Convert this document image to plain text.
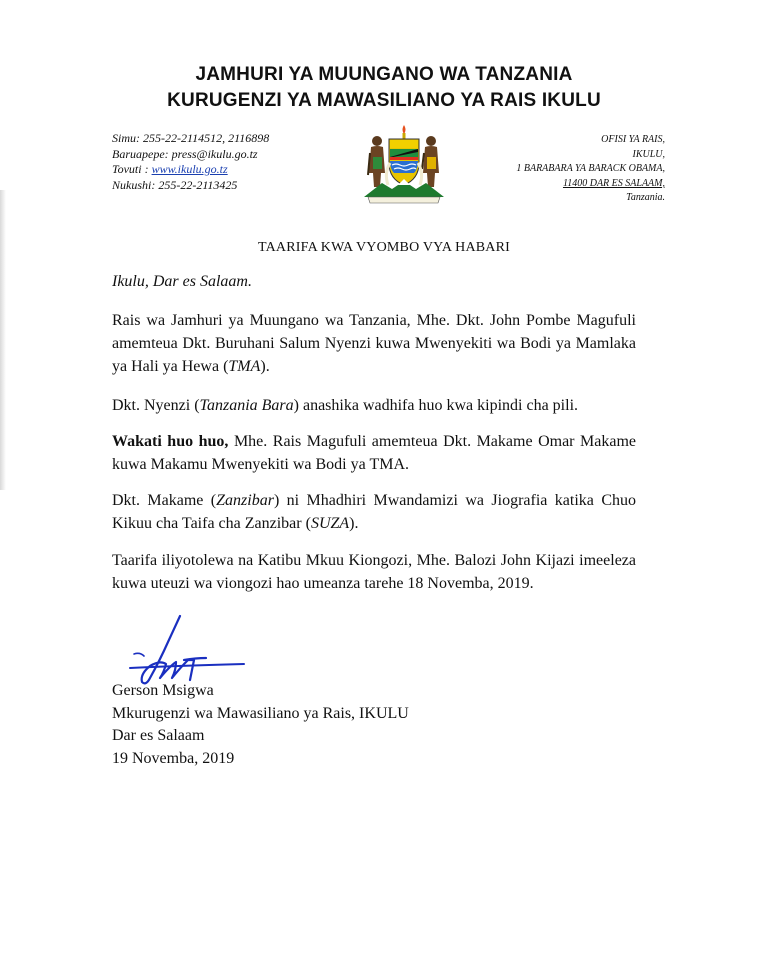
JAMHURI YA MUUNGANO WA TANZANIA
KURUGENZI YA MAWASILIANO YA RAIS IKULU
Simu: 255-22-2114512, 2116898
Baruapepe: press@ikulu.go.tz
Tovuti : www.ikulu.go.tz
Nukushi: 255-22-2113425
OFISI YA RAIS,
IKULU,
1 BARABARA YA BARACK OBAMA,
11400 DAR ES SALAAM,
Tanzania.
TAARIFA KWA VYOMBO VYA HABARI
Ikulu, Dar es Salaam.
Rais wa Jamhuri ya Muungano wa Tanzania, Mhe. Dkt. John Pombe Magufuli amemteua Dkt. Buruhani Salum Nyenzi kuwa Mwenyekiti wa Bodi ya Mamlaka ya Hali ya Hewa (TMA).
Dkt. Nyenzi (Tanzania Bara) anashika wadhifa huo kwa kipindi cha pili.
Wakati huo huo, Mhe. Rais Magufuli amemteua Dkt. Makame Omar Makame kuwa Makamu Mwenyekiti wa Bodi ya TMA.
Dkt. Makame (Zanzibar) ni Mhadhiri Mwandamizi wa Jiografia katika Chuo Kikuu cha Taifa cha Zanzibar (SUZA).
Taarifa iliyotolewa na Katibu Mkuu Kiongozi, Mhe. Balozi John Kijazi imeeleza kuwa uteuzi wa viongozi hao umeanza tarehe 18 Novemba, 2019.
Gerson Msigwa
Mkurugenzi wa Mawasiliano ya Rais, IKULU
Dar es Salaam
19 Novemba, 2019
